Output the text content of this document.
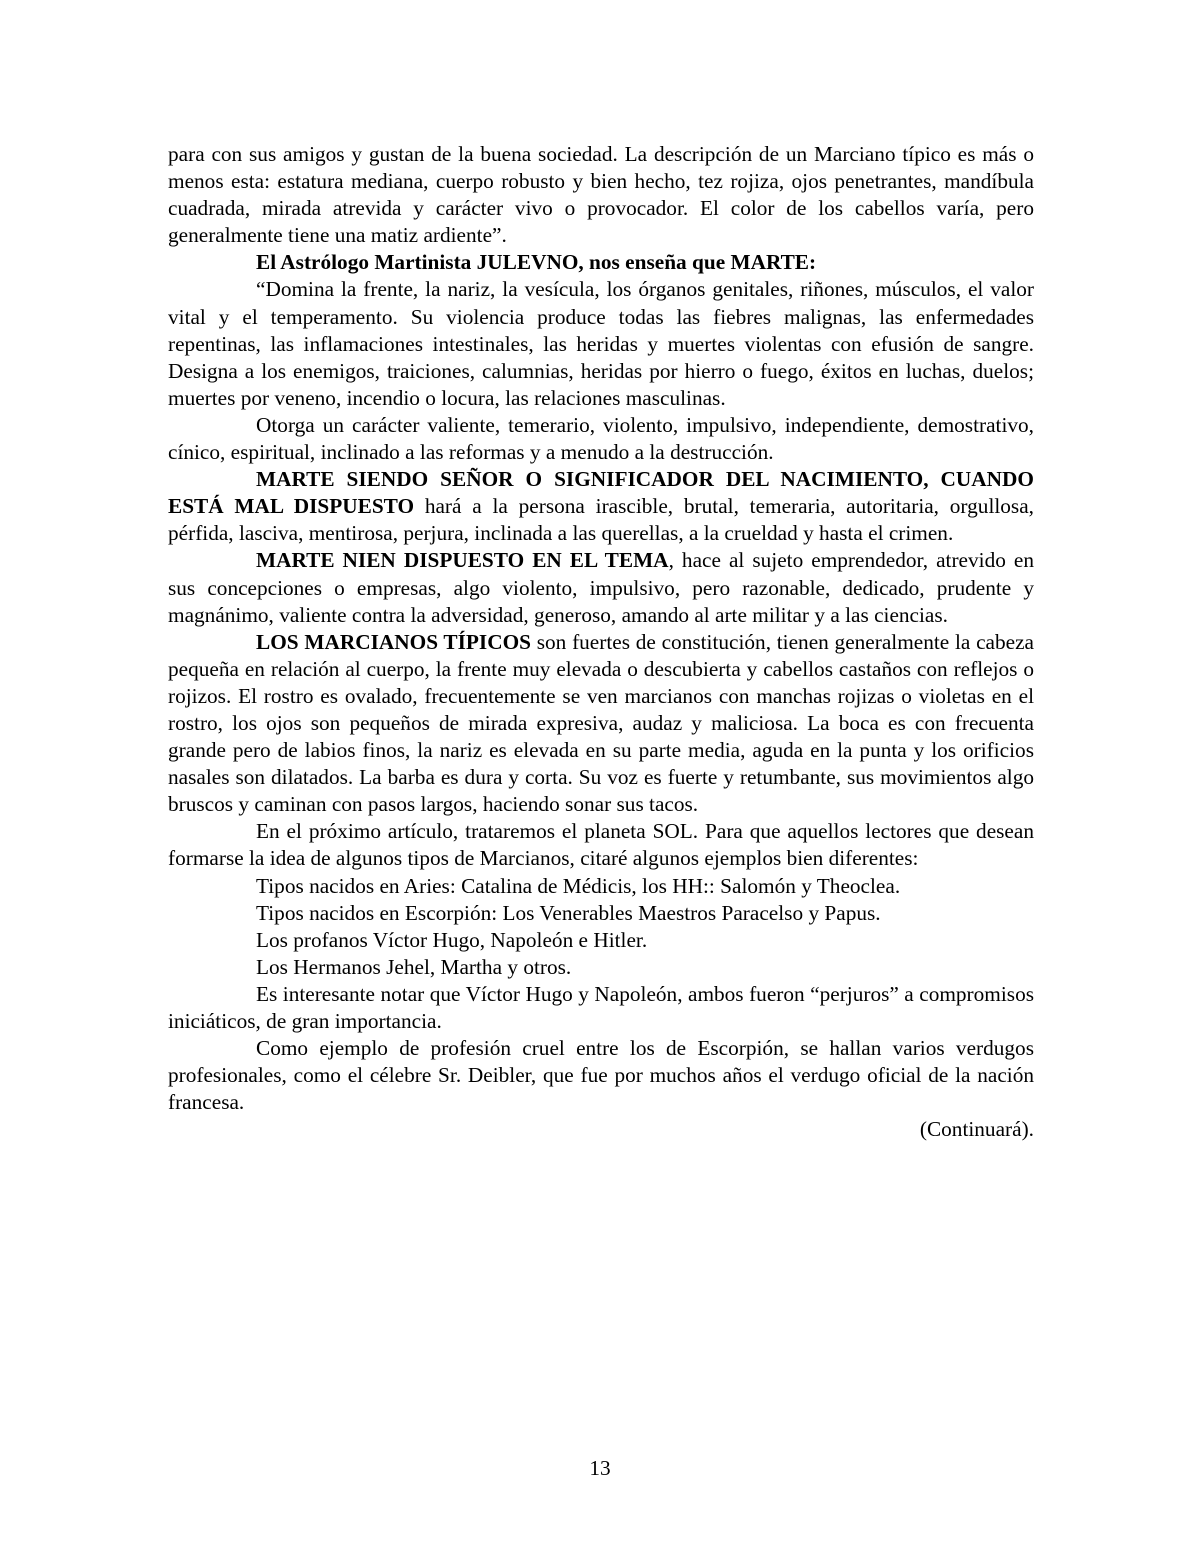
para con sus amigos y gustan de la buena sociedad. La descripción de un Marciano típico es más o menos esta: estatura mediana, cuerpo robusto y bien hecho, tez rojiza, ojos penetrantes, mandíbula cuadrada, mirada atrevida y carácter vivo o provocador. El color de los cabellos varía, pero generalmente tiene una matiz ardiente”.

El Astrólogo Martinista JULEVNO, nos enseña que MARTE:

“Domina la frente, la nariz, la vesícula, los órganos genitales, riñones, músculos, el valor vital y el temperamento. Su violencia produce todas las fiebres malignas, las enfermedades repentinas, las inflamaciones intestinales, las heridas y muertes violentas con efusión de sangre. Designa a los enemigos, traiciones, calumnias, heridas por hierro o fuego, éxitos en luchas, duelos; muertes por veneno, incendio o locura, las relaciones masculinas.

Otorga un carácter valiente, temerario, violento, impulsivo, independiente, demostrativo, cínico, espiritual, inclinado a las reformas y a menudo a la destrucción.

MARTE SIENDO SEÑOR O SIGNIFICADOR DEL NACIMIENTO, CUANDO ESTÁ MAL DISPUESTO hará a la persona irascible, brutal, temeraria, autoritaria, orgullosa, pérfida, lasciva, mentirosa, perjura, inclinada a las querellas, a la crueldad y hasta el crimen.

MARTE NIEN DISPUESTO EN EL TEMA, hace al sujeto emprendedor, atrevido en sus concepciones o empresas, algo violento, impulsivo, pero razonable, dedicado, prudente y magnánimo, valiente contra la adversidad, generoso, amando al arte militar y a las ciencias.

LOS MARCIANOS TÍPICOS son fuertes de constitución, tienen generalmente la cabeza pequeña en relación al cuerpo, la frente muy elevada o descubierta y cabellos castaños con reflejos o rojizos. El rostro es ovalado, frecuentemente se ven marcianos con manchas rojizas o violetas en el rostro, los ojos son pequeños de mirada expresiva, audaz y maliciosa. La boca es con frecuenta grande pero de labios finos, la nariz es elevada en su parte media, aguda en la punta y los orificios nasales son dilatados. La barba es dura y corta. Su voz es fuerte y retumbante, sus movimientos algo bruscos y caminan con pasos largos, haciendo sonar sus tacos.

En el próximo artículo, trataremos el planeta SOL. Para que aquellos lectores que desean formarse la idea de algunos tipos de Marcianos, citaré algunos ejemplos bien diferentes:

Tipos nacidos en Aries: Catalina de Médicis, los HH:: Salomón y Theoclea.

Tipos nacidos en Escorpión: Los Venerables Maestros Paracelso y Papus.

Los profanos Víctor Hugo, Napoleón e Hitler.

Los Hermanos Jehel, Martha y otros.

Es interesante notar que Víctor Hugo y Napoleón, ambos fueron “perjuros” a compromisos iniciáticos, de gran importancia.

Como ejemplo de profesión cruel entre los de Escorpión, se hallan varios verdugos profesionales, como el célebre Sr. Deibler, que fue por muchos años el verdugo oficial de la nación francesa.

(Continuará).

13
